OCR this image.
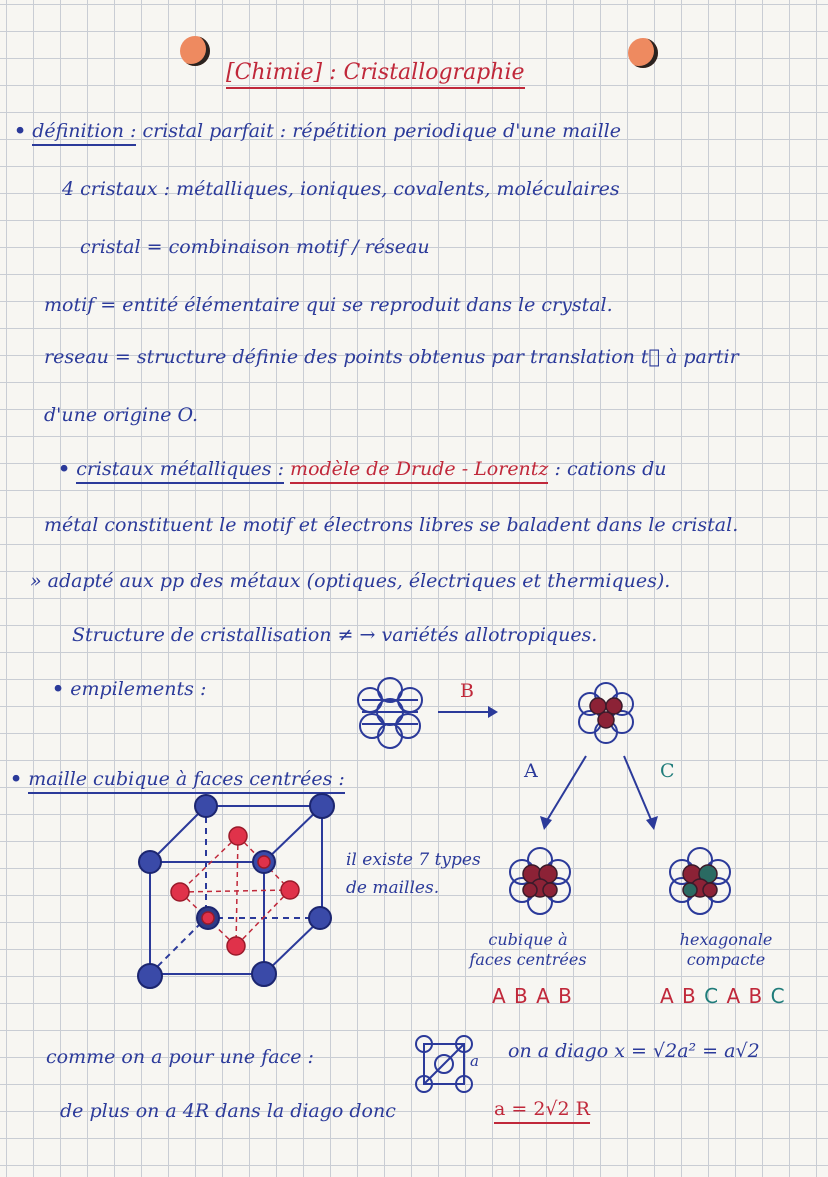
[Chimie] : Cristallographie
• définition : cristal parfait : répétition periodique d'une maille
4 cristaux : métalliques, ioniques, covalents, moléculaires
cristal = combinaison motif / réseau
motif = entité élémentaire qui se reproduit dans le crystal.
reseau = structure définie des points obtenus par translation t⃗ à partir
d'une origine O.
• cristaux métalliques : modèle de Drude - Lorentz : cations du
métal constituent le motif et électrons libres se baladent dans le cristal.
» adapté aux pp des métaux (optiques, électriques et thermiques).
Structure de cristallisation ≠ → variétés allotropiques.
• empilements :	B
A	C
cubique à faces centrées
hexagonale compacte
A B A B	A B C A B C
• maille cubique à faces centrées :
il existe 7 types de mailles.
comme on a pour une face :	a on a diago x = √2a² = a√2
de plus on a 4R dans la diago donc	a = 2√2 R
